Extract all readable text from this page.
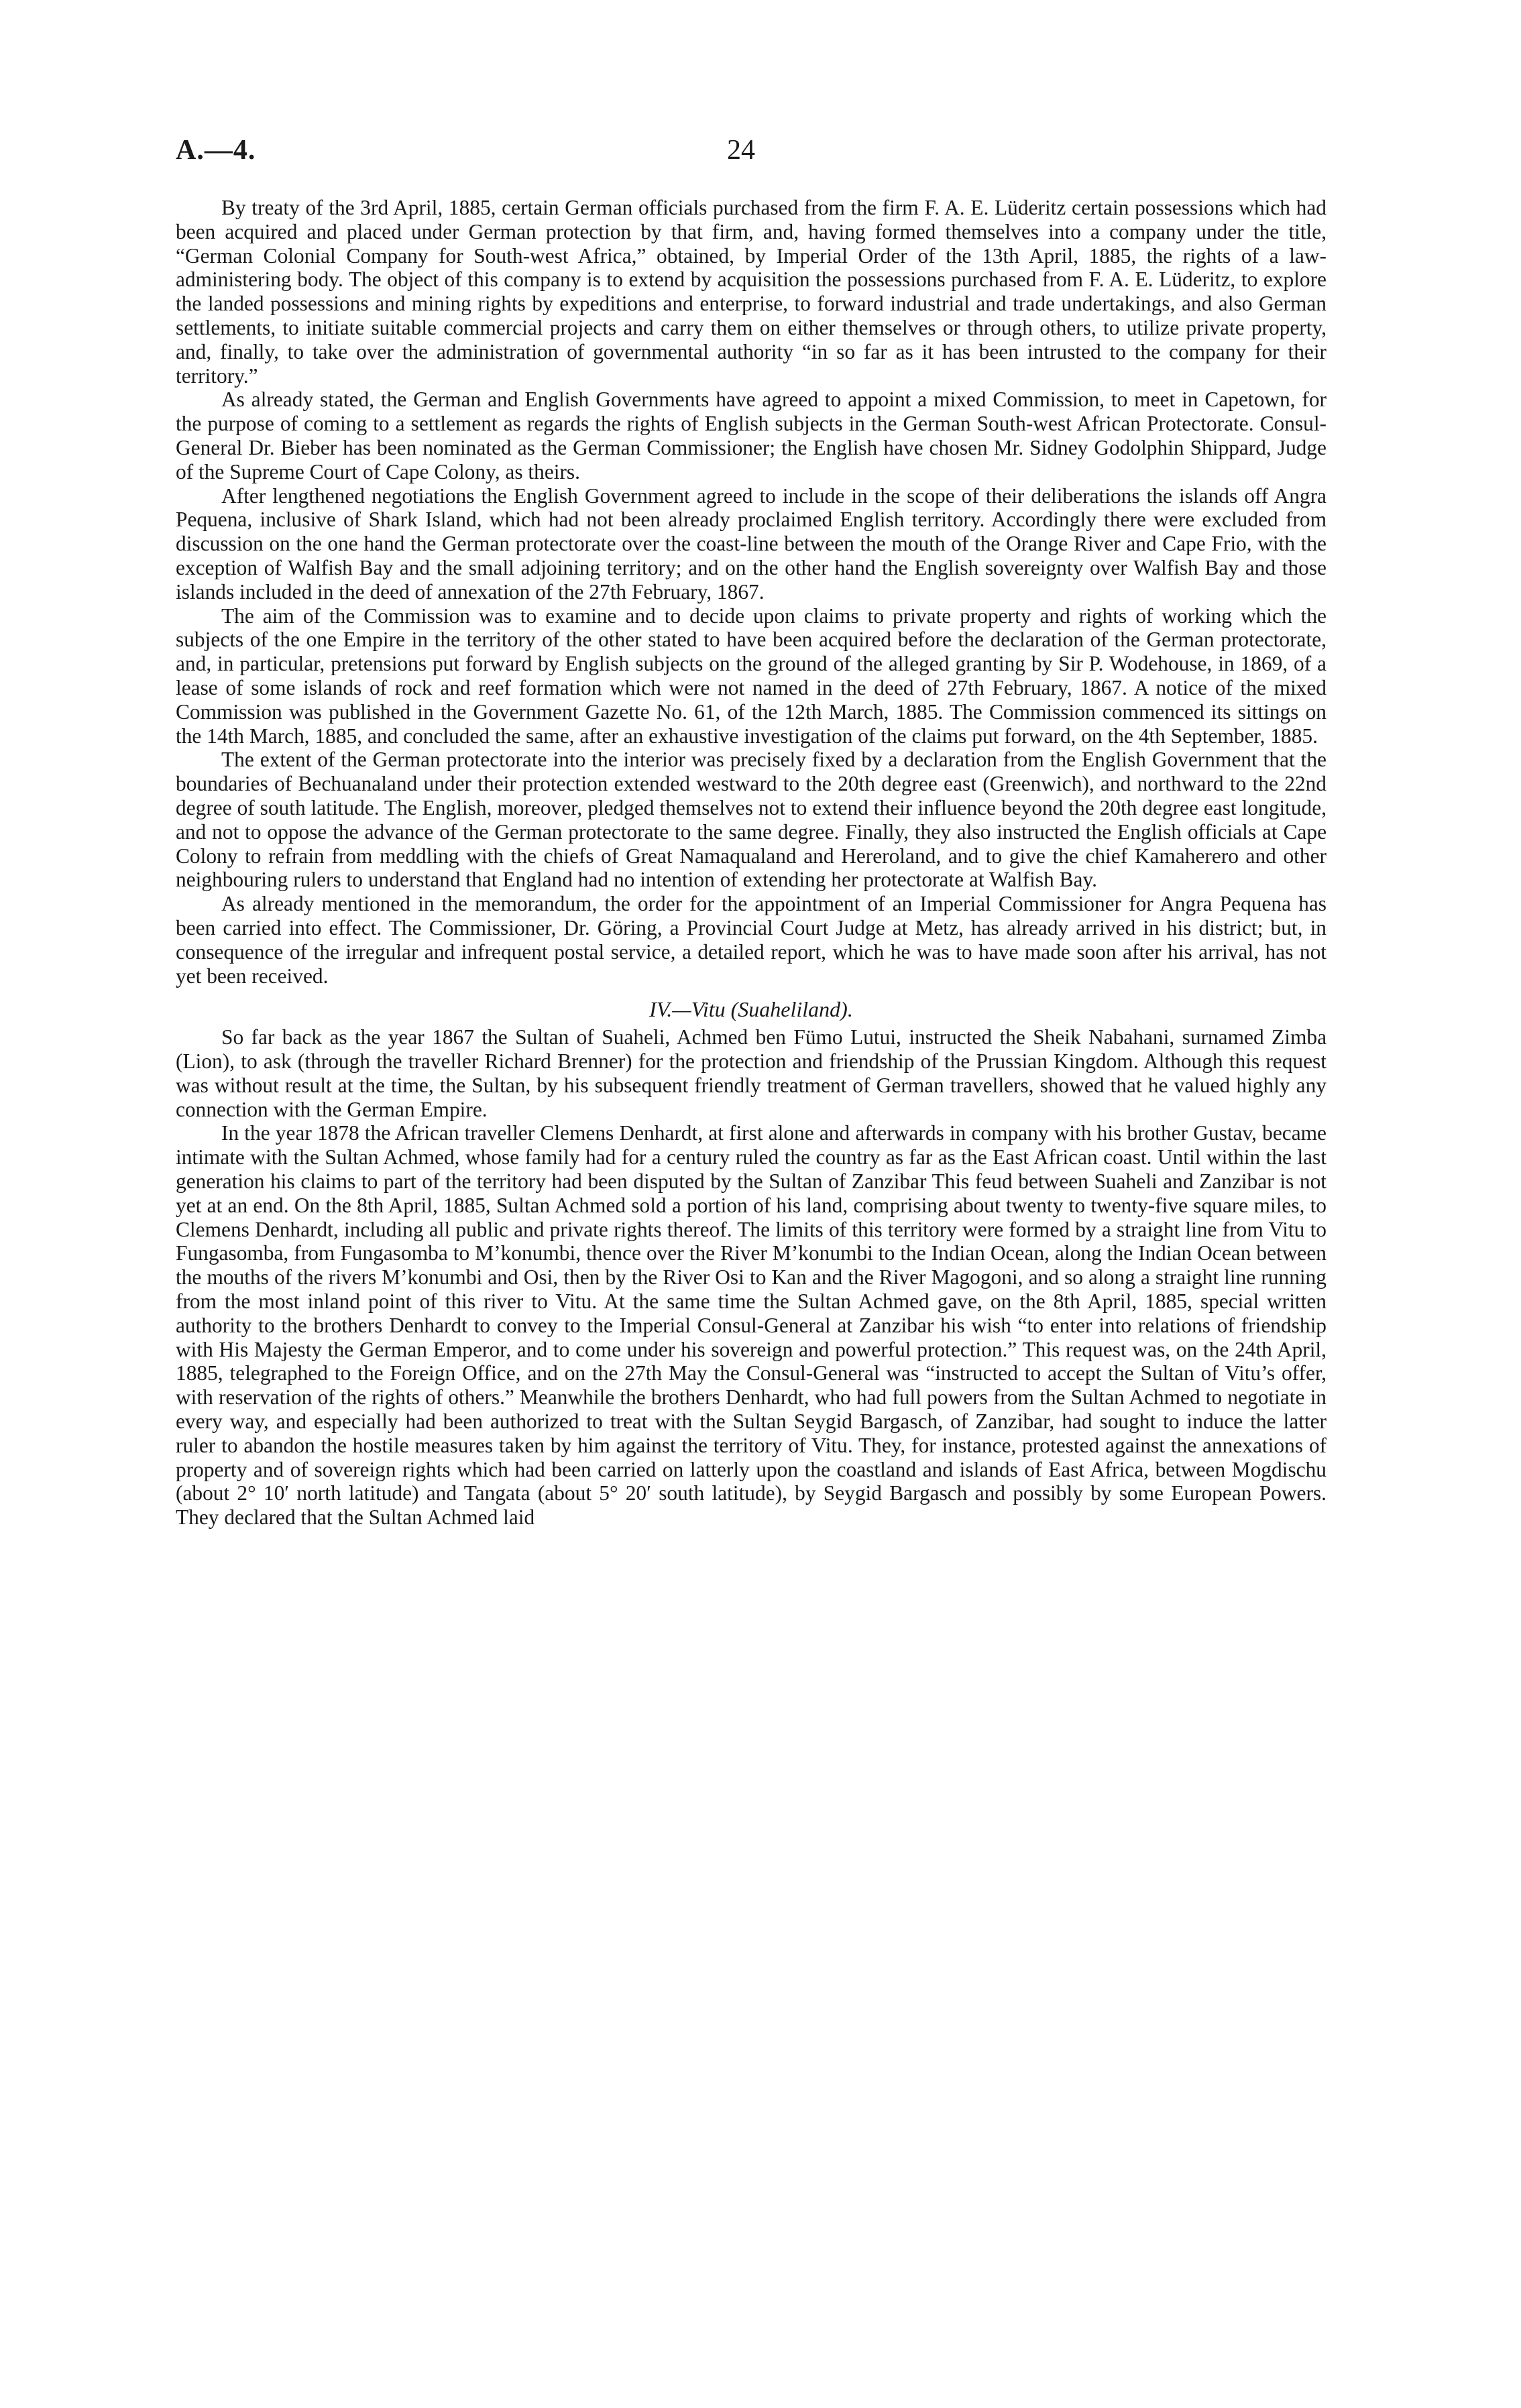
A.—4.	24

By treaty of the 3rd April, 1885, certain German officials purchased from the firm F. A. E. Lüderitz certain possessions which had been acquired and placed under German protection by that firm, and, having formed themselves into a company under the title, “German Colonial Company for South-west Africa,” obtained, by Imperial Order of the 13th April, 1885, the rights of a law-administering body. The object of this company is to extend by acquisition the possessions purchased from F. A. E. Lüderitz, to explore the landed possessions and mining rights by expeditions and enterprise, to forward industrial and trade undertakings, and also German settlements, to initiate suitable commercial projects and carry them on either themselves or through others, to utilize private property, and, finally, to take over the administration of governmental authority “in so far as it has been intrusted to the company for their territory.”

As already stated, the German and English Governments have agreed to appoint a mixed Commission, to meet in Capetown, for the purpose of coming to a settlement as regards the rights of English subjects in the German South-west African Protectorate. Consul-General Dr. Bieber has been nominated as the German Commissioner; the English have chosen Mr. Sidney Godolphin Shippard, Judge of the Supreme Court of Cape Colony, as theirs.

After lengthened negotiations the English Government agreed to include in the scope of their deliberations the islands off Angra Pequena, inclusive of Shark Island, which had not been already proclaimed English territory. Accordingly there were excluded from discussion on the one hand the German protectorate over the coast-line between the mouth of the Orange River and Cape Frio, with the exception of Walfish Bay and the small adjoining territory; and on the other hand the English sovereignty over Walfish Bay and those islands included in the deed of annexation of the 27th February, 1867.

The aim of the Commission was to examine and to decide upon claims to private property and rights of working which the subjects of the one Empire in the territory of the other stated to have been acquired before the declaration of the German protectorate, and, in particular, pretensions put forward by English subjects on the ground of the alleged granting by Sir P. Wodehouse, in 1869, of a lease of some islands of rock and reef formation which were not named in the deed of 27th February, 1867. A notice of the mixed Commission was published in the Government Gazette No. 61, of the 12th March, 1885. The Commission commenced its sittings on the 14th March, 1885, and concluded the same, after an exhaustive investigation of the claims put forward, on the 4th September, 1885.

The extent of the German protectorate into the interior was precisely fixed by a declaration from the English Government that the boundaries of Bechuanaland under their protection extended westward to the 20th degree east (Greenwich), and northward to the 22nd degree of south latitude. The English, moreover, pledged themselves not to extend their influence beyond the 20th degree east longitude, and not to oppose the advance of the German protectorate to the same degree. Finally, they also instructed the English officials at Cape Colony to refrain from meddling with the chiefs of Great Namaqualand and Hereroland, and to give the chief Kamaherero and other neighbouring rulers to understand that England had no intention of extending her protectorate at Walfish Bay.

As already mentioned in the memorandum, the order for the appointment of an Imperial Commissioner for Angra Pequena has been carried into effect. The Commissioner, Dr. Göring, a Provincial Court Judge at Metz, has already arrived in his district; but, in consequence of the irregular and infrequent postal service, a detailed report, which he was to have made soon after his arrival, has not yet been received.

IV.—Vitu (Suaheliland).

So far back as the year 1867 the Sultan of Suaheli, Achmed ben Fümo Lutui, instructed the Sheik Nabahani, surnamed Zimba (Lion), to ask (through the traveller Richard Brenner) for the protection and friendship of the Prussian Kingdom. Although this request was without result at the time, the Sultan, by his subsequent friendly treatment of German travellers, showed that he valued highly any connection with the German Empire.

In the year 1878 the African traveller Clemens Denhardt, at first alone and afterwards in company with his brother Gustav, became intimate with the Sultan Achmed, whose family had for a century ruled the country as far as the East African coast. Until within the last generation his claims to part of the territory had been disputed by the Sultan of Zanzibar This feud between Suaheli and Zanzibar is not yet at an end. On the 8th April, 1885, Sultan Achmed sold a portion of his land, comprising about twenty to twenty-five square miles, to Clemens Denhardt, including all public and private rights thereof. The limits of this territory were formed by a straight line from Vitu to Fungasomba, from Fungasomba to M’konumbi, thence over the River M’konumbi to the Indian Ocean, along the Indian Ocean between the mouths of the rivers M’konumbi and Osi, then by the River Osi to Kan and the River Magogoni, and so along a straight line running from the most inland point of this river to Vitu. At the same time the Sultan Achmed gave, on the 8th April, 1885, special written authority to the brothers Denhardt to convey to the Imperial Consul-General at Zanzibar his wish “to enter into relations of friendship with His Majesty the German Emperor, and to come under his sovereign and powerful protection.” This request was, on the 24th April, 1885, telegraphed to the Foreign Office, and on the 27th May the Consul-General was “instructed to accept the Sultan of Vitu’s offer, with reservation of the rights of others.” Meanwhile the brothers Denhardt, who had full powers from the Sultan Achmed to negotiate in every way, and especially had been authorized to treat with the Sultan Seygid Bargasch, of Zanzibar, had sought to induce the latter ruler to abandon the hostile measures taken by him against the territory of Vitu. They, for instance, protested against the annexations of property and of sovereign rights which had been carried on latterly upon the coastland and islands of East Africa, between Mogdischu (about 2° 10′ north latitude) and Tangata (about 5° 20′ south latitude), by Seygid Bargasch and possibly by some European Powers. They declared that the Sultan Achmed laid
